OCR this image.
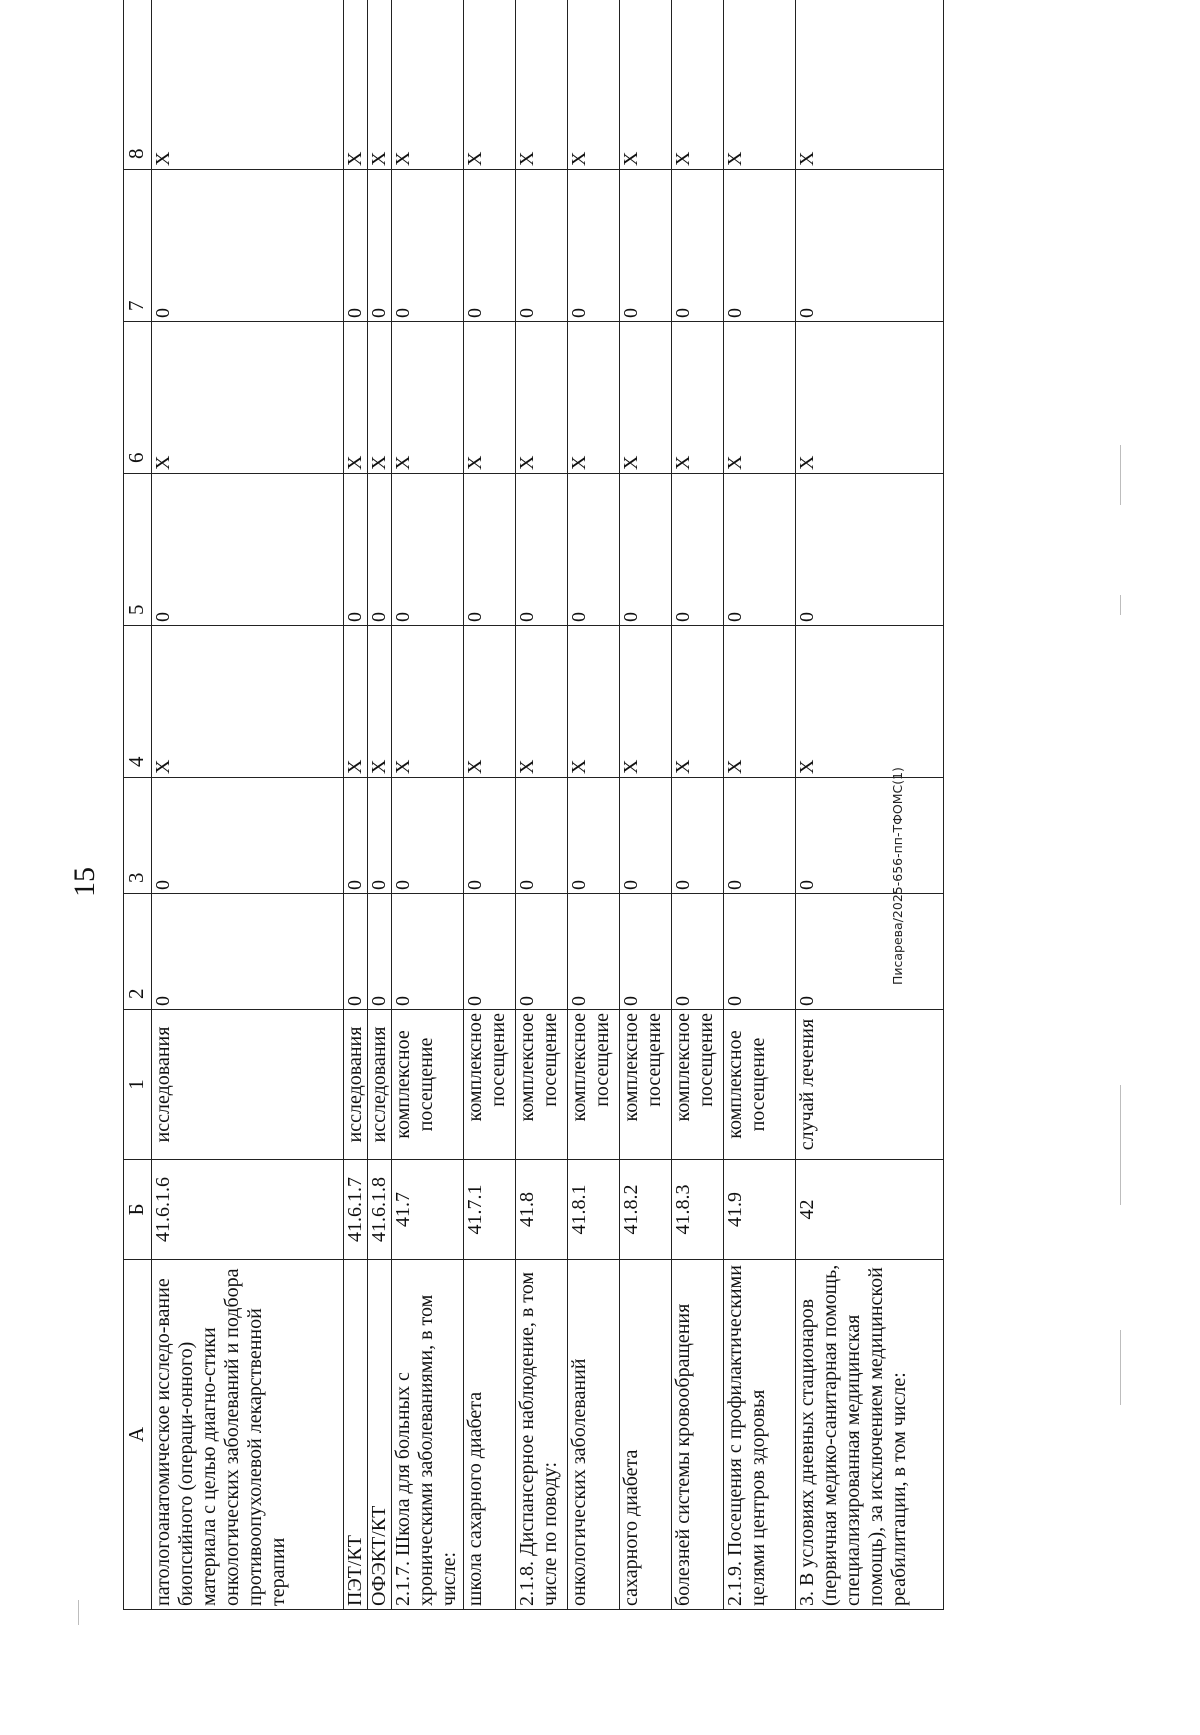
15
А	Б	1	2	3	4	5	6	7	8
патологоанатомическое исследо-вание биопсийного (операци-онного) материала с целью диагно-стики онкологических заболеваний и подбора противоопухолевой лекарственной терапии	41.6.1.6	исследования	0	0	Х	0	Х	0	Х
ПЭТ/КТ	41.6.1.7	исследования	0	0	Х	0	Х	0	Х
ОФЭКТ/КТ	41.6.1.8	исследования	0	0	Х	0	Х	0	Х
2.1.7. Школа для больных с хроническими заболеваниями, в том числе:	41.7	комплексное посещение	0	0	Х	0	Х	0	Х
школа сахарного диабета	41.7.1	комплексное посещение	0	0	Х	0	Х	0	Х
2.1.8. Диспансерное наблюдение, в том числе по поводу:	41.8	комплексное посещение	0	0	Х	0	Х	0	Х
онкологических заболеваний	41.8.1	комплексное посещение	0	0	Х	0	Х	0	Х
сахарного диабета	41.8.2	комплексное посещение	0	0	Х	0	Х	0	Х
болезней системы кровообращения	41.8.3	комплексное посещение	0	0	Х	0	Х	0	Х
2.1.9. Посещения с профилактическими целями центров здоровья	41.9	комплексное посещение	0	0	Х	0	Х	0	Х
3. В условиях дневных стационаров (первичная медико-санитарная помощь, специализированная медицинская помощь), за исключением медицинской реабилитации, в том числе:	42	случай лечения	0	0	Х	0	Х	0	Х
Писарева/2025-656-пп-ТФОМС(1)
